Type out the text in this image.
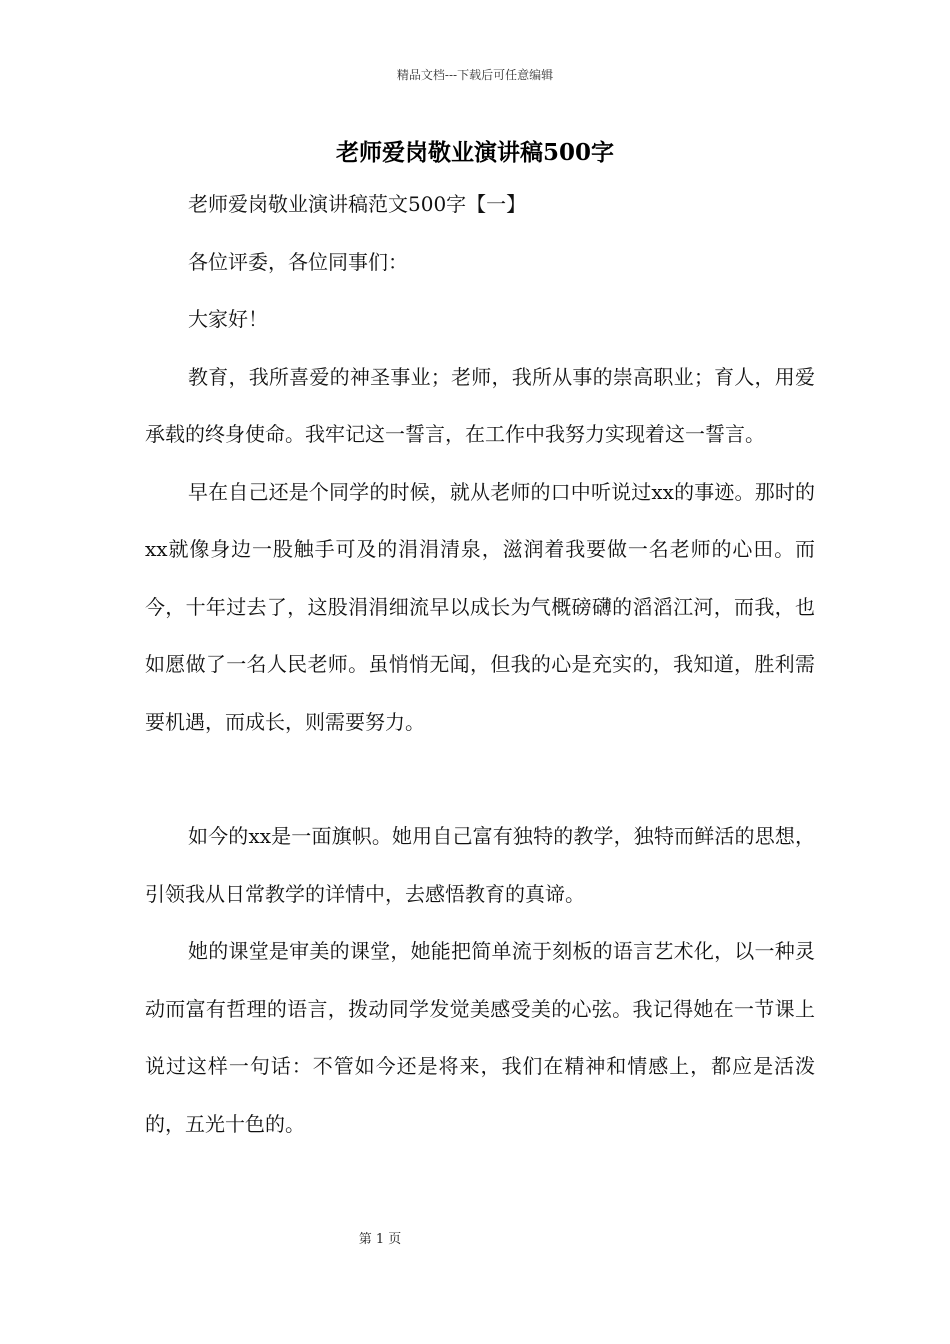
精品文档---下载后可任意编辑
老师爱岗敬业演讲稿500字

老师爱岗敬业演讲稿范文500字【一】

各位评委，各位同事们：

大家好！

教育，我所喜爱的神圣事业；老师，我所从事的崇高职业；育人，用爱承载的终身使命。我牢记这一誓言，在工作中我努力实现着这一誓言。

早在自己还是个同学的时候，就从老师的口中听说过xx的事迹。那时的xx就像身边一股触手可及的涓涓清泉，滋润着我要做一名老师的心田。而今，十年过去了，这股涓涓细流早以成长为气概磅礴的滔滔江河，而我，也如愿做了一名人民老师。虽悄悄无闻，但我的心是充实的，我知道，胜利需要机遇，而成长，则需要努力。

如今的xx是一面旗帜。她用自己富有独特的教学，独特而鲜活的思想，引领我从日常教学的详情中，去感悟教育的真谛。

她的课堂是审美的课堂，她能把简单流于刻板的语言艺术化，以一种灵动而富有哲理的语言，拨动同学发觉美感受美的心弦。我记得她在一节课上说过这样一句话：不管如今还是将来，我们在精神和情感上，都应是活泼的，五光十色的。

第 1 页
